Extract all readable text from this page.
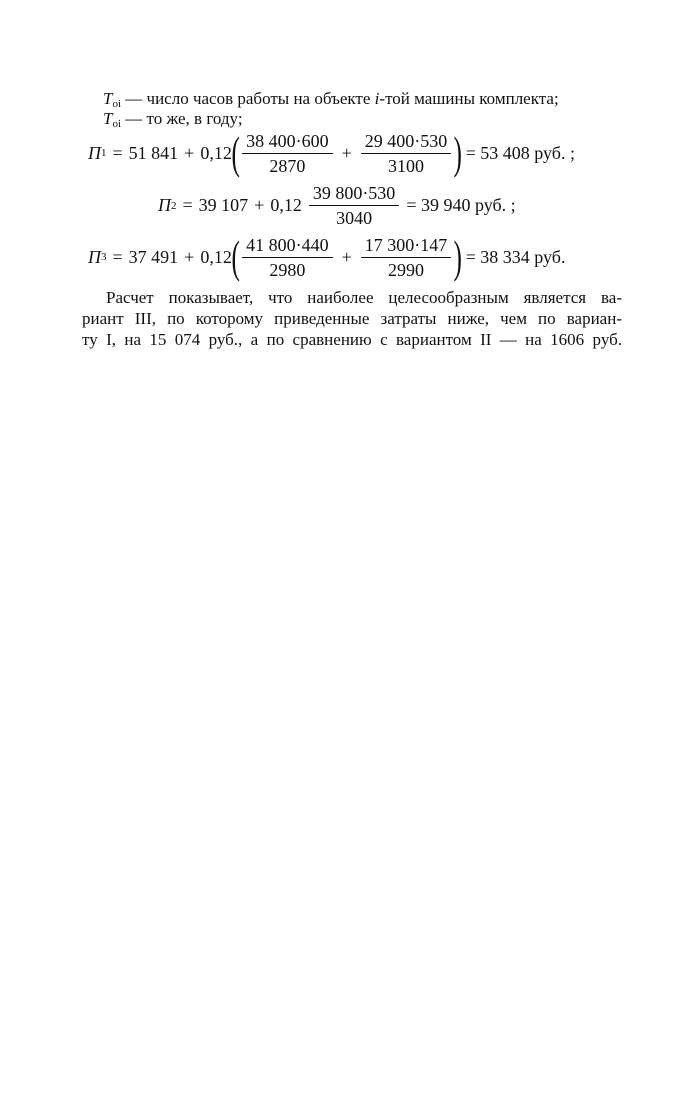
$T_{oi}$ — число часов работы на объекте i-той машины комплекта;
$T_{oi}$ — то же, в году;
П 1 = 51 841 + 0,12 ( $\frac{38 400\cdot 600}{2870} + \frac{29 400\cdot 530}{3100}$ ) = 53 408 руб. ;
П 2 = 39 $107 + 0,12 \frac{39 800\cdot 530}{3040} = 39$ 940 руб. ;
П 3 = 37 491 + 0,12 ( $\frac{41 800\cdot 440}{2980} + \frac{17 300\cdot 147}{2990}$ ) = 38 334 руб.
Расчет показывает, что наиболее целесообразным является ва-
риант III, по которому приведенные затраты ниже, чем по вариан-
ту I, на 15 074 руб., а по сравнению с вариантом II — на 1606 руб.
